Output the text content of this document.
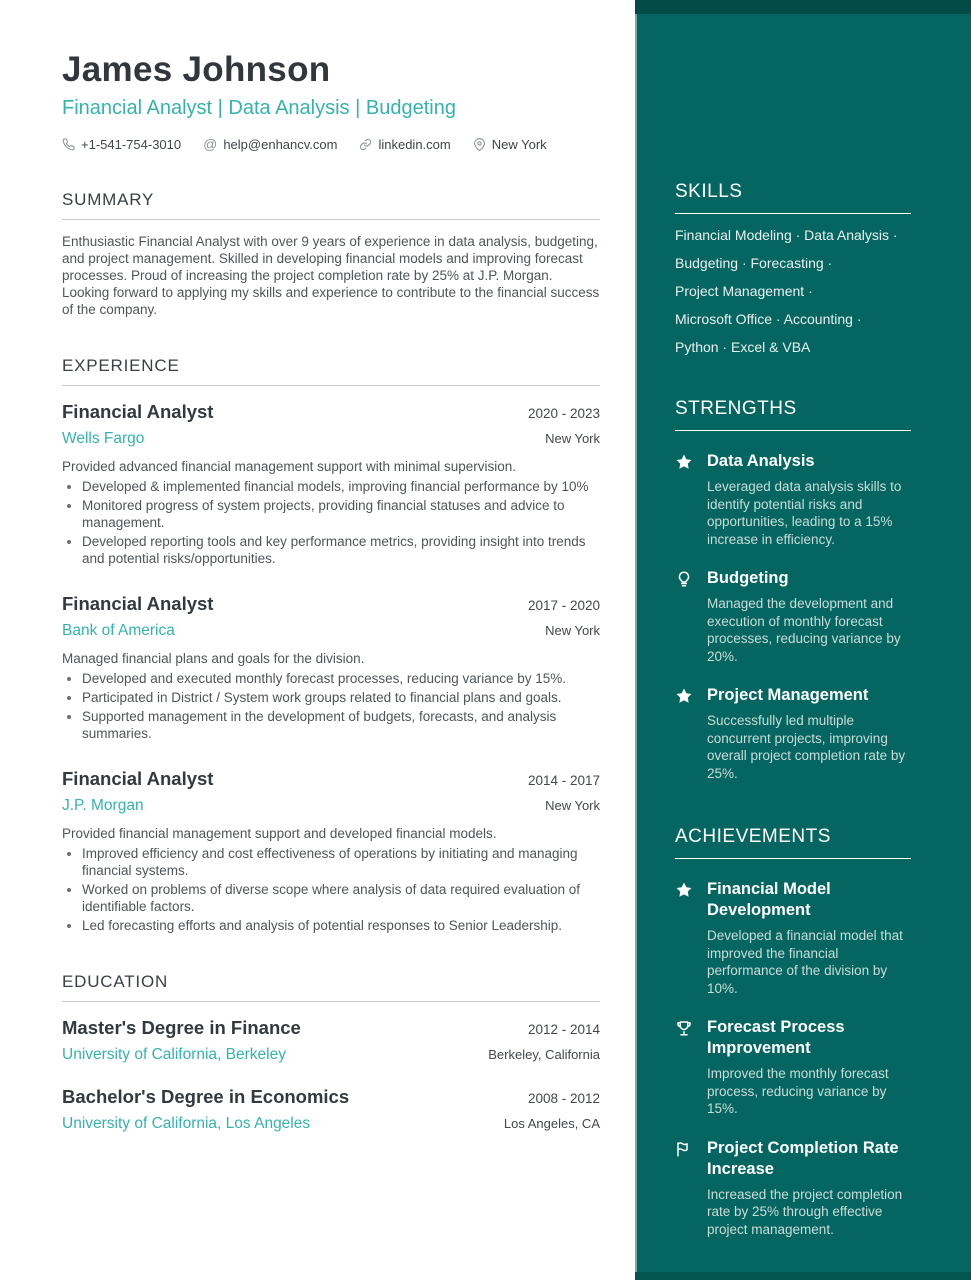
James Johnson
Financial Analyst | Data Analysis | Budgeting
+1-541-754-3010 @ help@enhancv.com	linkedin.com	New York
SUMMARY
Enthusiastic Financial Analyst with over 9 years of experience in data analysis, budgeting, and project management. Skilled in developing financial models and improving forecast processes. Proud of increasing the project completion rate by 25% at J.P. Morgan. Looking forward to applying my skills and experience to contribute to the financial success of the company.
EXPERIENCE
Financial Analyst	2020 - 2023
Wells Fargo	New York
Provided advanced financial management support with minimal supervision.
• Developed & implemented financial models, improving financial performance by 10%
• Monitored progress of system projects, providing financial statuses and advice to management.
• Developed reporting tools and key performance metrics, providing insight into trends and potential risks/opportunities.
Financial Analyst	2017 - 2020
Bank of America	New York
Managed financial plans and goals for the division.
• Developed and executed monthly forecast processes, reducing variance by 15%.
• Participated in District / System work groups related to financial plans and goals.
• Supported management in the development of budgets, forecasts, and analysis summaries.
Financial Analyst	2014 - 2017
J.P. Morgan	New York
Provided financial management support and developed financial models.
• Improved efficiency and cost effectiveness of operations by initiating and managing financial systems.
• Worked on problems of diverse scope where analysis of data required evaluation of identifiable factors.
• Led forecasting efforts and analysis of potential responses to Senior Leadership.
EDUCATION
Master's Degree in Finance	2012 - 2014
University of California, Berkeley	Berkeley, California
Bachelor's Degree in Economics	2008 - 2012
University of California, Los Angeles	Los Angeles, CA
SKILLS
Financial Modeling · Data Analysis ·
Budgeting · Forecasting ·
Project Management ·
Microsoft Office · Accounting ·
Python · Excel & VBA
STRENGTHS
Data Analysis
Leveraged data analysis skills to identify potential risks and opportunities, leading to a 15% increase in efficiency.
Budgeting
Managed the development and execution of monthly forecast processes, reducing variance by 20%.
Project Management
Successfully led multiple concurrent projects, improving overall project completion rate by 25%.
ACHIEVEMENTS
Financial Model Development
Developed a financial model that improved the financial performance of the division by 10%.
Forecast Process Improvement
Improved the monthly forecast process, reducing variance by 15%.
Project Completion Rate Increase
Increased the project completion rate by 25% through effective project management.
